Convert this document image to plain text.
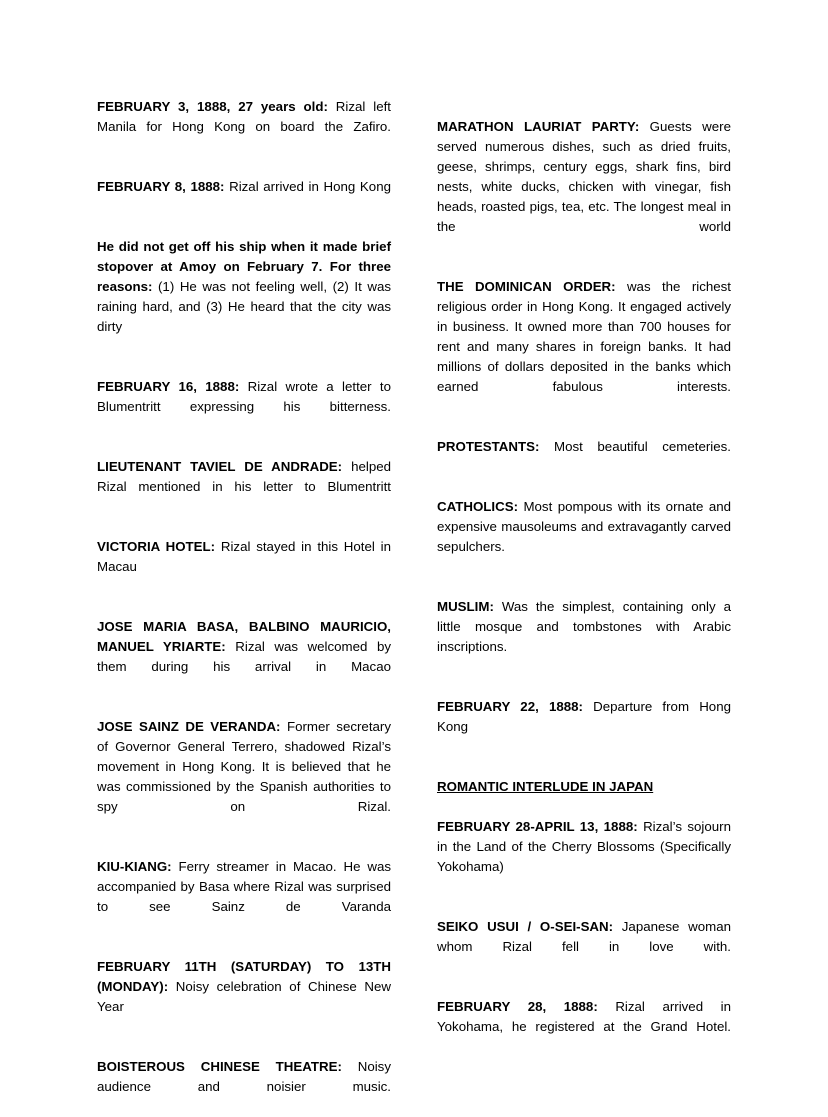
FEBRUARY 3, 1888, 27 years old: Rizal left Manila for Hong Kong on board the Zafiro.

FEBRUARY 8, 1888: Rizal arrived in Hong Kong

He did not get off his ship when it made brief stopover at Amoy on February 7. For three reasons: (1) He was not feeling well, (2) It was raining hard, and (3) He heard that the city was dirty

FEBRUARY 16, 1888: Rizal wrote a letter to Blumentritt expressing his bitterness.

LIEUTENANT TAVIEL DE ANDRADE: helped Rizal mentioned in his letter to Blumentritt

VICTORIA HOTEL: Rizal stayed in this Hotel in Macau

JOSE MARIA BASA, BALBINO MAURICIO, MANUEL YRIARTE: Rizal was welcomed by them during his arrival in Macao

JOSE SAINZ DE VERANDA: Former secretary of Governor General Terrero, shadowed Rizal’s movement in Hong Kong. It is believed that he was commissioned by the Spanish authorities to spy on Rizal.

KIU-KIANG: Ferry streamer in Macao. He was accompanied by Basa where Rizal was surprised to see Sainz de Varanda

FEBRUARY 11TH (SATURDAY) TO 13TH (MONDAY): Noisy celebration of Chinese New Year

BOISTEROUS CHINESE THEATRE: Noisy audience and noisier music.

MARATHON LAURIAT PARTY: Guests were served numerous dishes, such as dried fruits, geese, shrimps, century eggs, shark fins, bird nests, white ducks, chicken with vinegar, fish heads, roasted pigs, tea, etc. The longest meal in the world

THE DOMINICAN ORDER: was the richest religious order in Hong Kong. It engaged actively in business. It owned more than 700 houses for rent and many shares in foreign banks. It had millions of dollars deposited in the banks which earned fabulous interests.

PROTESTANTS: Most beautiful cemeteries.

CATHOLICS: Most pompous with its ornate and expensive mausoleums and extravagantly carved sepulchers.

MUSLIM: Was the simplest, containing only a little mosque and tombstones with Arabic inscriptions.

FEBRUARY 22, 1888: Departure from Hong Kong

ROMANTIC INTERLUDE IN JAPAN

FEBRUARY 28-APRIL 13, 1888: Rizal’s sojourn in the Land of the Cherry Blossoms (Specifically Yokohama)

SEIKO USUI / O-SEI-SAN: Japanese woman whom Rizal fell in love with.

FEBRUARY 28, 1888: Rizal arrived in Yokohama, he registered at the Grand Hotel.
